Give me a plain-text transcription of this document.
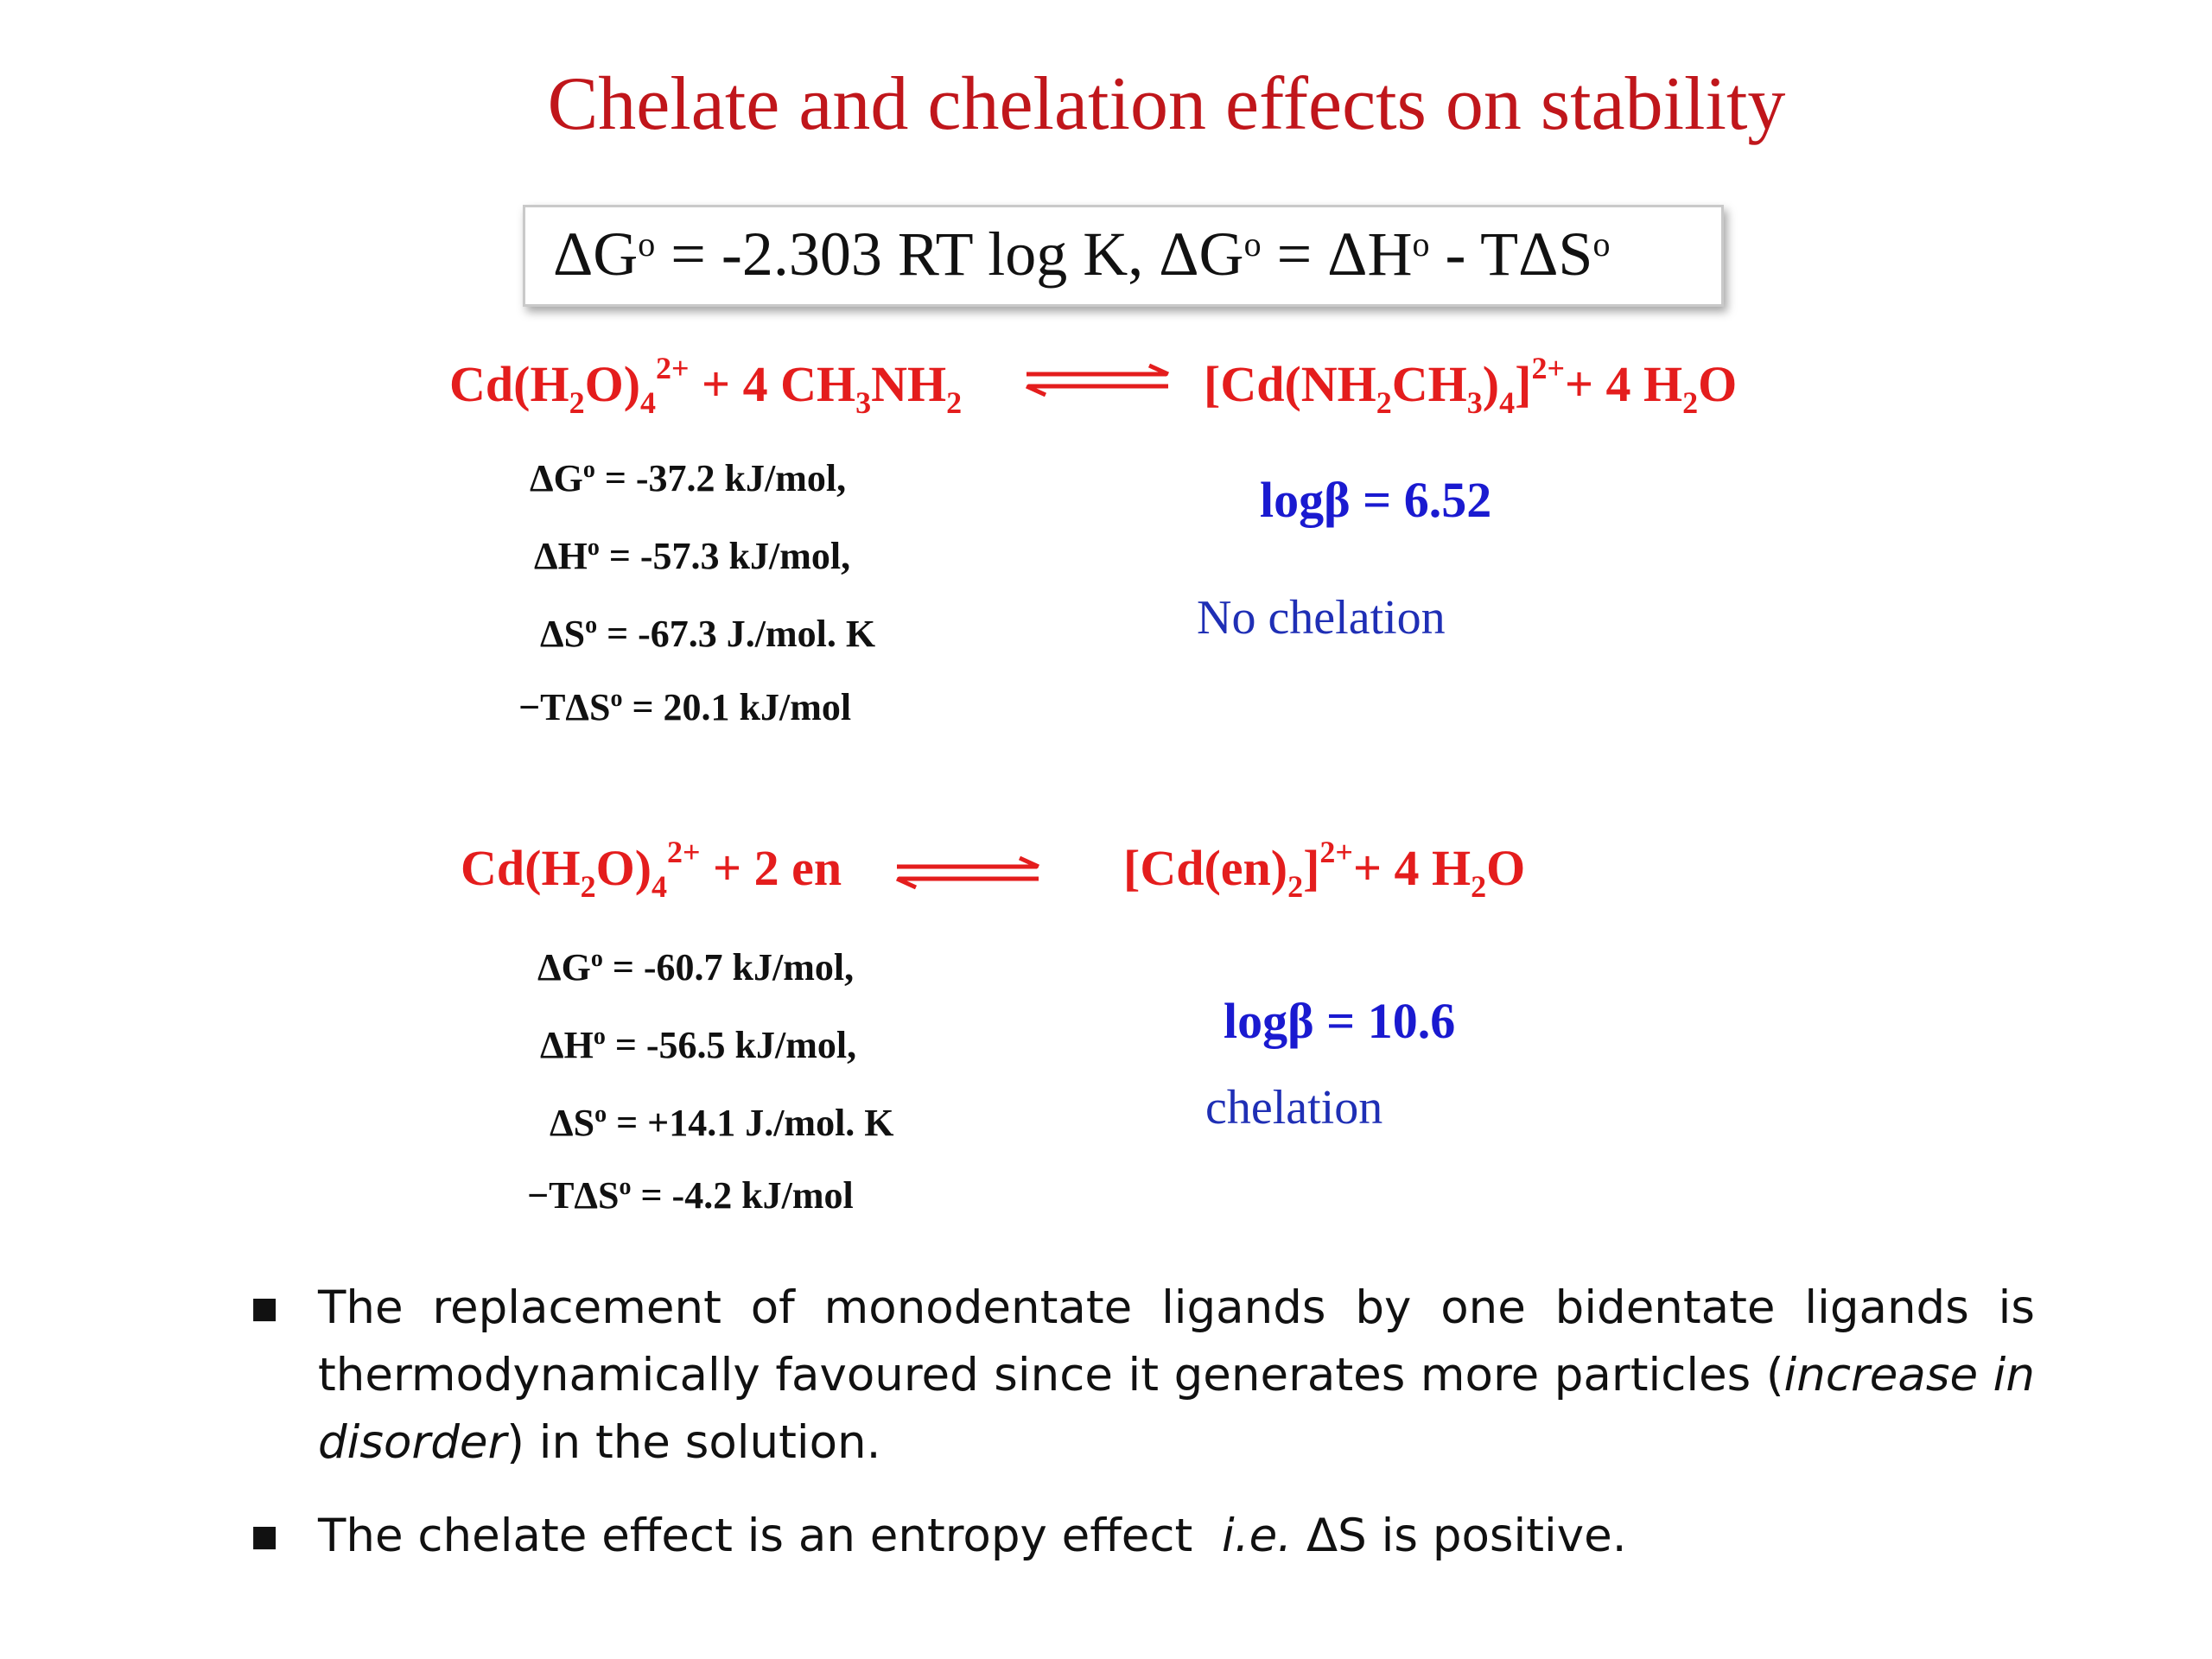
Chelate and chelation effects on stability
$\Delta G^o = -2.303$ RT log K, $\Delta G^o = \Delta H^o - T\Delta S^o$
$Cd(H_2O)_4^{2+} + 4$ $CH_3NH_2$	$[Cd(NH_2CH_3)_4]^{2+}+ 4$ $H_2O$
$\Delta G^o = -37.2$ kJ/mol,
$\Delta H^o = -57.3$ kJ/mol,
$\Delta S^o = -67.3$ J./mol. K
$-T\Delta S^o = 20.1$ kJ/mol
logβ = 6.52
No chelation
$Cd(H_2O)_4^{2+} + 2$ en	$[Cd(en)_2]^{2+}+ 4$ $H_2O$
$\Delta G^o = -60.7$ kJ/mol,
$\Delta H^o = -56.5$ kJ/mol,
$\Delta S^o = +14.1$ J./mol. K
$-T\Delta S^o = -4.2$ kJ/mol
logβ = 10.6
chelation
■ The replacement of monodentate ligands by one bidentate ligands is thermodynamically favoured since it generates more particles (increase in disorder) in the solution.
■ The chelate effect is an entropy effect  i.e. ΔS is positive.
